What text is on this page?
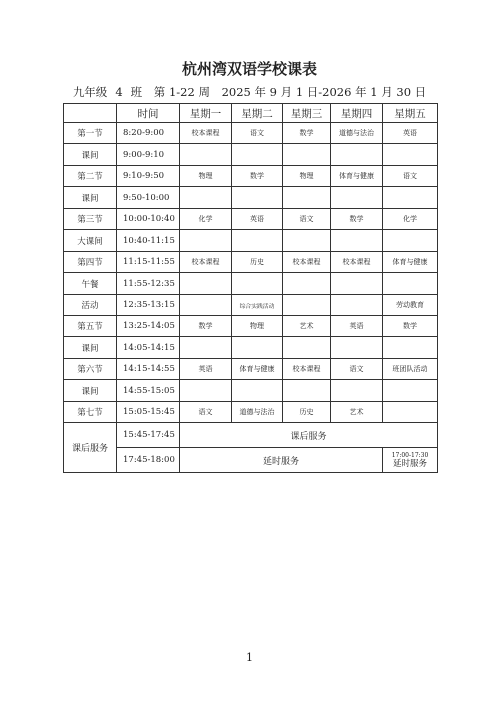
杭州湾双语学校课表
九年级 4 班 第 1-22 周 2025 年 9 月 1 日-2026 年 1 月 30 日
	时间	星期一	星期二	星期三	星期四	星期五
第一节	8:20-9:00	校本课程	语文	数学	道德与法治	英语
课间	9:00-9:10					
第二节	9:10-9:50	物理	数学	物理	体育与健康	语文
课间	9:50-10:00					
第三节	10:00-10:40	化学	英语	语文	数学	化学
大课间	10:40-11:15					
第四节	11:15-11:55	校本课程	历史	校本课程	校本课程	体育与健康
午餐	11:55-12:35					
活动	12:35-13:15		综合实践活动			劳动教育
第五节	13:25-14:05	数学	物理	艺术	英语	数学
课间	14:05-14:15					
第六节	14:15-14:55	英语	体育与健康	校本课程	语文	班团队活动
课间	14:55-15:05					
第七节	15:05-15:45	语文	道德与法治	历史	艺术	
课后服务	15:45-17:45	课后服务				
	17:45-18:00	延时服务				17:00-17:30
延时服务
1
